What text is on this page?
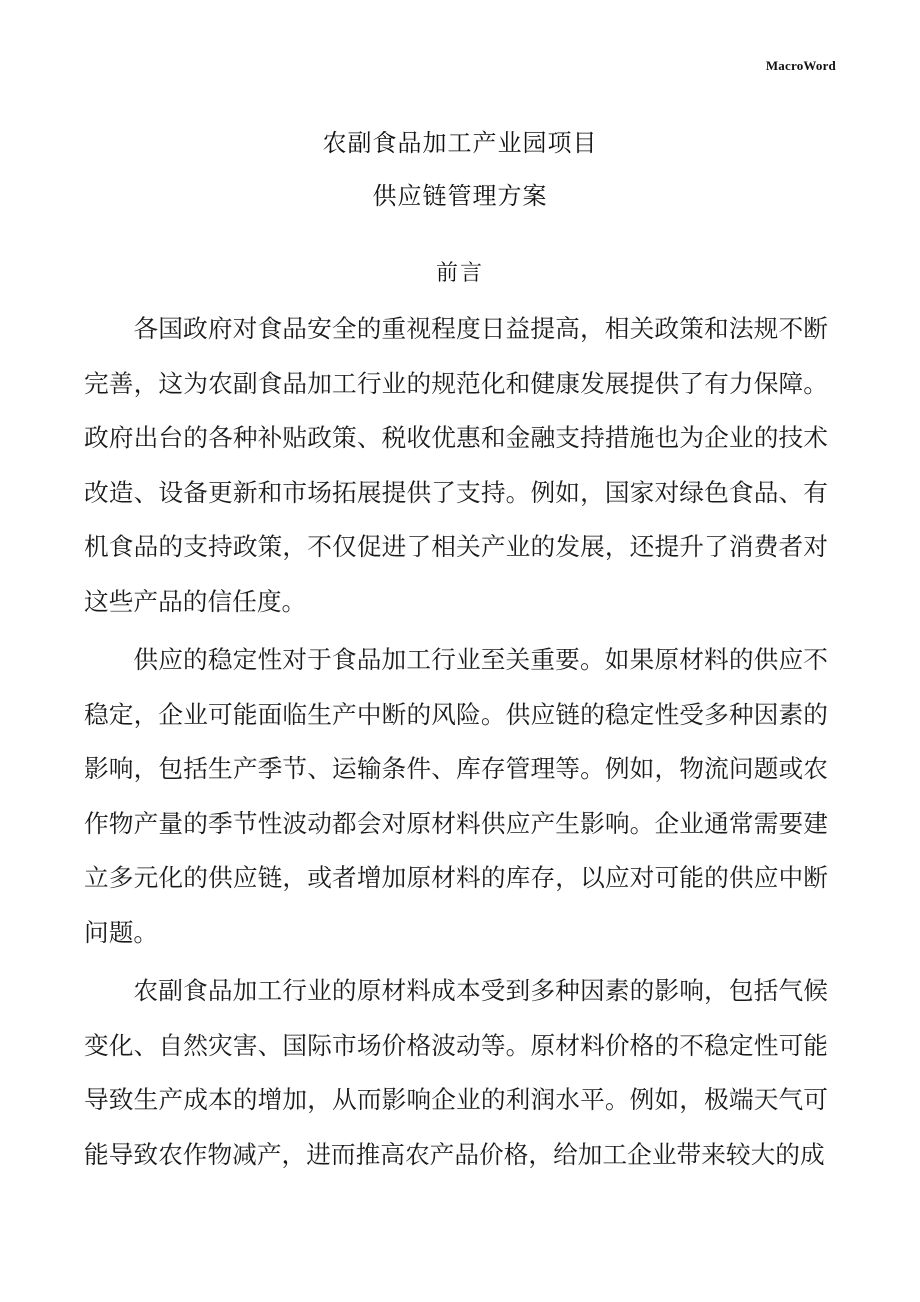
MacroWord
农副食品加工产业园项目
供应链管理方案
前言

各国政府对食品安全的重视程度日益提高，相关政策和法规不断完善，这为农副食品加工行业的规范化和健康发展提供了有力保障。政府出台的各种补贴政策、税收优惠和金融支持措施也为企业的技术改造、设备更新和市场拓展提供了支持。例如，国家对绿色食品、有机食品的支持政策，不仅促进了相关产业的发展，还提升了消费者对这些产品的信任度。

供应的稳定性对于食品加工行业至关重要。如果原材料的供应不稳定，企业可能面临生产中断的风险。供应链的稳定性受多种因素的影响，包括生产季节、运输条件、库存管理等。例如，物流问题或农作物产量的季节性波动都会对原材料供应产生影响。企业通常需要建立多元化的供应链，或者增加原材料的库存，以应对可能的供应中断问题。

农副食品加工行业的原材料成本受到多种因素的影响，包括气候变化、自然灾害、国际市场价格波动等。原材料价格的不稳定性可能导致生产成本的增加，从而影响企业的利润水平。例如，极端天气可能导致农作物减产，进而推高农产品价格，给加工企业带来较大的成
